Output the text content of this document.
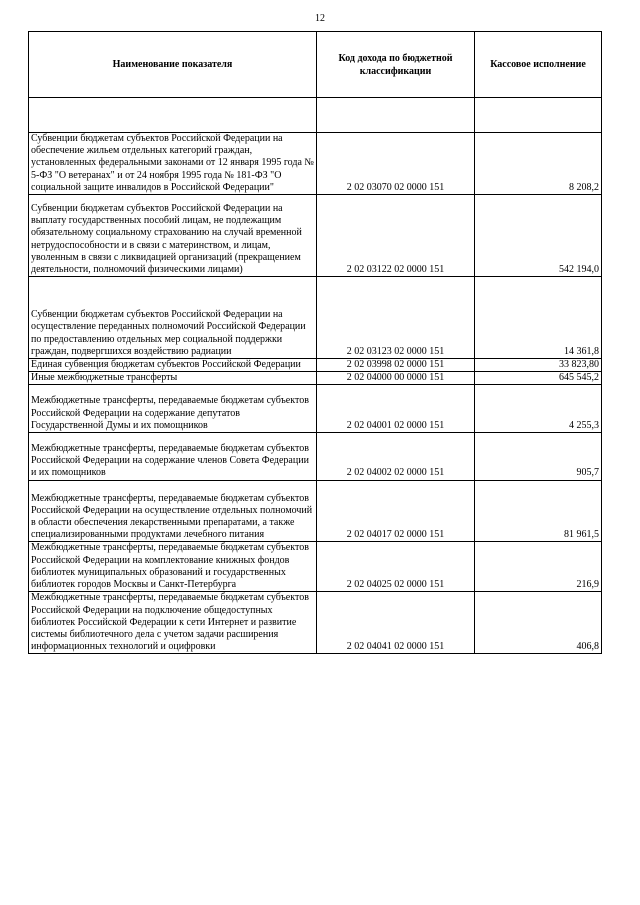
12
Наименование показателя	Код дохода по бюджетной классификации	Кассовое исполнение

Субвенции бюджетам субъектов Российской Федерации на обеспечение жильем отдельных категорий граждан, установленных федеральными законами от 12 января 1995 года № 5-ФЗ "О ветеранах" и от 24 ноября 1995 года № 181-ФЗ "О социальной защите инвалидов в Российской Федерации"	2 02 03070 02 0000 151	8 208,2
Субвенции бюджетам субъектов Российской Федерации на выплату государственных пособий лицам, не подлежащим обязательному социальному страхованию на случай временной нетрудоспособности и в связи с материнством, и лицам, уволенным в связи с ликвидацией организаций (прекращением деятельности, полномочий физическими лицами)	2 02 03122 02 0000 151	542 194,0
Субвенции бюджетам субъектов Российской Федерации на осуществление переданных полномочий Российской Федерации по предоставлению отдельных мер социальной поддержки граждан, подвергшихся воздействию радиации	2 02 03123 02 0000 151	14 361,8
Единая субвенция бюджетам субъектов Российской Федерации	2 02 03998 02 0000 151	33 823,80
Иные межбюджетные трансферты	2 02 04000 00 0000 151	645 545,2
Межбюджетные трансферты, передаваемые бюджетам субъектов Российской Федерации на содержание депутатов Государственной Думы и их помощников	2 02 04001 02 0000 151	4 255,3
Межбюджетные трансферты, передаваемые бюджетам субъектов Российской Федерации на содержание членов Совета Федерации и их помощников	2 02 04002 02 0000 151	905,7
Межбюджетные трансферты, передаваемые бюджетам субъектов Российской Федерации на осуществление отдельных полномочий в области обеспечения лекарственными препаратами, а также специализированными продуктами лечебного питания	2 02 04017 02 0000 151	81 961,5
Межбюджетные трансферты, передаваемые бюджетам субъектов Российской Федерации на комплектование книжных фондов библиотек муниципальных образований и государственных библиотек городов Москвы и Санкт-Петербурга	2 02 04025 02 0000 151	216,9
Межбюджетные трансферты, передаваемые бюджетам субъектов Российской Федерации на подключение общедоступных библиотек Российской Федерации к сети Интернет и развитие системы библиотечного дела с учетом задачи расширения информационных технологий и оцифровки	2 02 04041 02 0000 151	406,8
